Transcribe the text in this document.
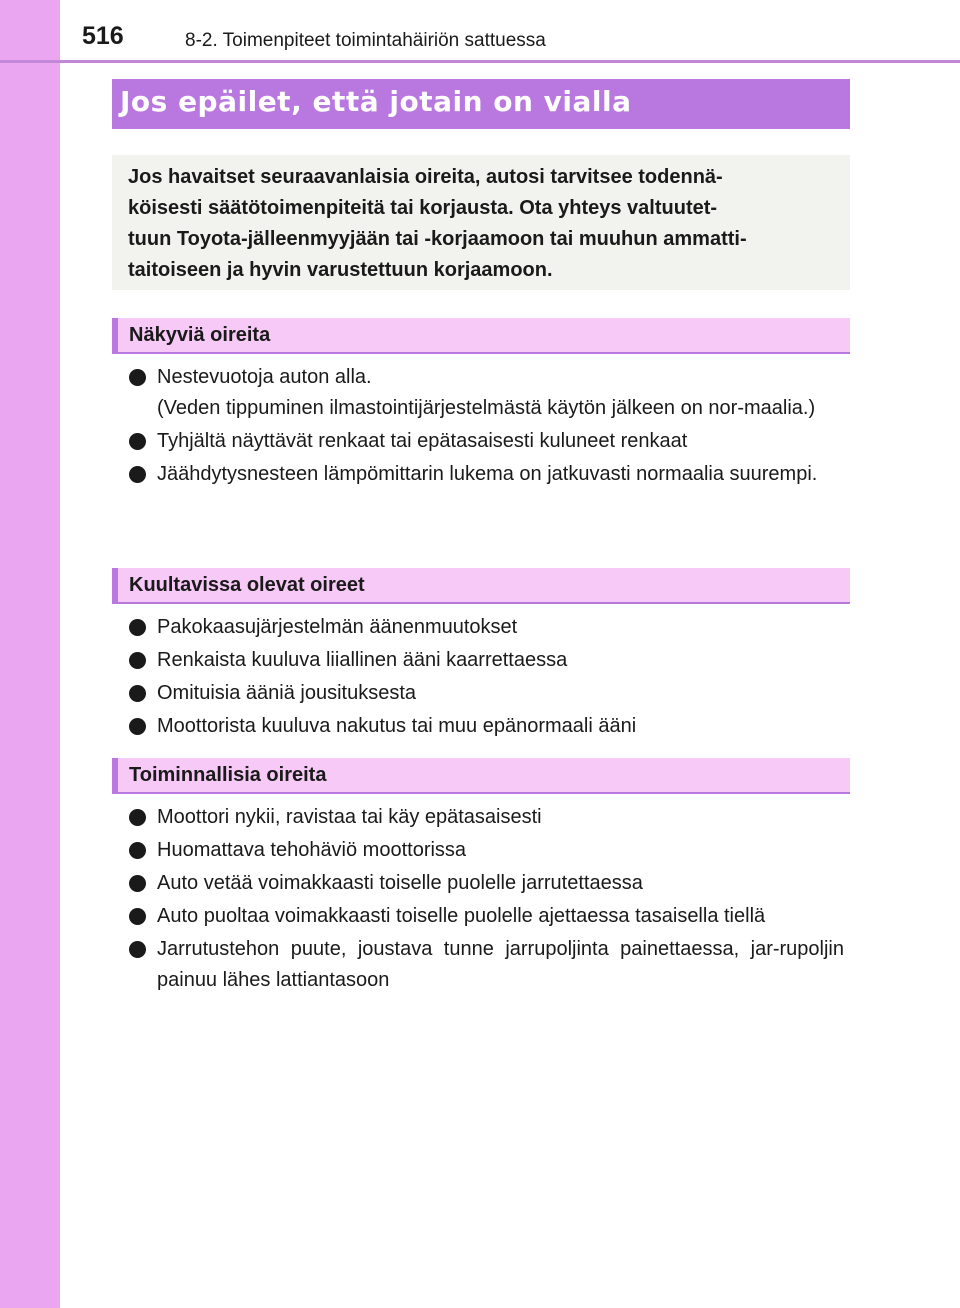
516	8-2. Toimenpiteet toimintahäiriön sattuessa
Jos epäilet, että jotain on vialla

Jos havaitset seuraavanlaisia oireita, autosi tarvitsee todennä-

köisesti säätötoimenpiteitä tai korjausta. Ota yhteys valtuutet-

tuun Toyota-jälleenmyyjään tai -korjaamoon tai muuhun ammatti-

taitoiseen ja hyvin varustettuun korjaamoon.

Näkyviä oireita
Nestevuotoja auton alla.
(Veden tippuminen ilmastointijärjestelmästä käytön jälkeen on nor-maalia.)
Tyhjältä näyttävät renkaat tai epätasaisesti kuluneet renkaat
Jäähdytysnesteen lämpömittarin lukema on jatkuvasti normaalia suurempi.
Kuultavissa olevat oireet
Pakokaasujärjestelmän äänenmuutokset
Renkaista kuuluva liiallinen ääni kaarrettaessa
Omituisia ääniä jousituksesta
Moottorista kuuluva nakutus tai muu epänormaali ääni
Toiminnallisia oireita
Moottori nykii, ravistaa tai käy epätasaisesti
Huomattava tehohäviö moottorissa
Auto vetää voimakkaasti toiselle puolelle jarrutettaessa
Auto puoltaa voimakkaasti toiselle puolelle ajettaessa tasaisella tiellä
Jarrutustehon puute, joustava tunne jarrupoljinta painettaessa, jar-rupoljin painuu lähes lattiantasoon
